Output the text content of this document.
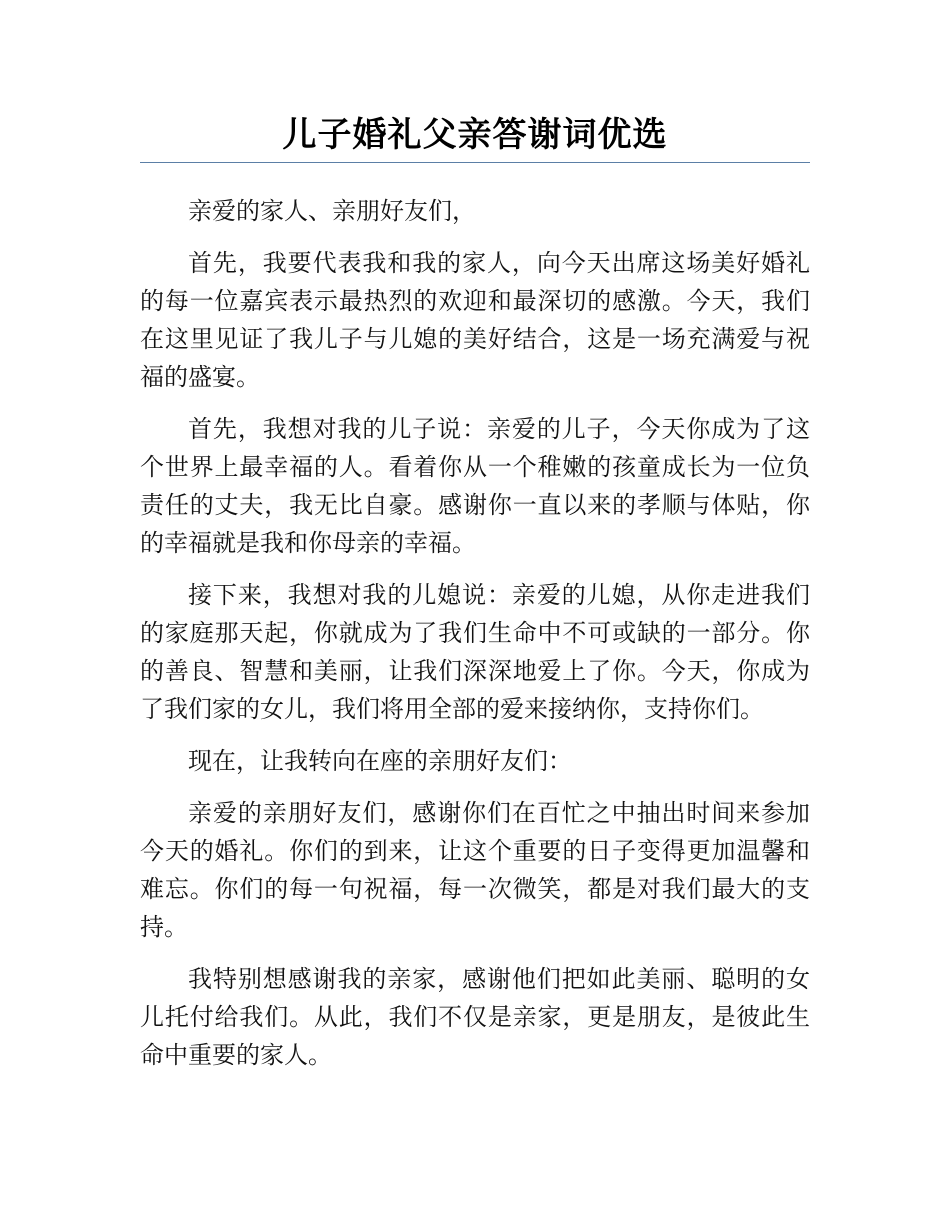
儿子婚礼父亲答谢词优选

亲爱的家人、亲朋好友们，

首先，我要代表我和我的家人，向今天出席这场美好婚礼的每一位嘉宾表示最热烈的欢迎和最深切的感激。今天，我们在这里见证了我儿子与儿媳的美好结合，这是一场充满爱与祝福的盛宴。

首先，我想对我的儿子说：亲爱的儿子，今天你成为了这个世界上最幸福的人。看着你从一个稚嫩的孩童成长为一位负责任的丈夫，我无比自豪。感谢你一直以来的孝顺与体贴，你的幸福就是我和你母亲的幸福。

接下来，我想对我的儿媳说：亲爱的儿媳，从你走进我们的家庭那天起，你就成为了我们生命中不可或缺的一部分。你的善良、智慧和美丽，让我们深深地爱上了你。今天，你成为了我们家的女儿，我们将用全部的爱来接纳你，支持你们。

现在，让我转向在座的亲朋好友们：

亲爱的亲朋好友们，感谢你们在百忙之中抽出时间来参加今天的婚礼。你们的到来，让这个重要的日子变得更加温馨和难忘。你们的每一句祝福，每一次微笑，都是对我们最大的支持。

我特别想感谢我的亲家，感谢他们把如此美丽、聪明的女儿托付给我们。从此，我们不仅是亲家，更是朋友，是彼此生命中重要的家人。
